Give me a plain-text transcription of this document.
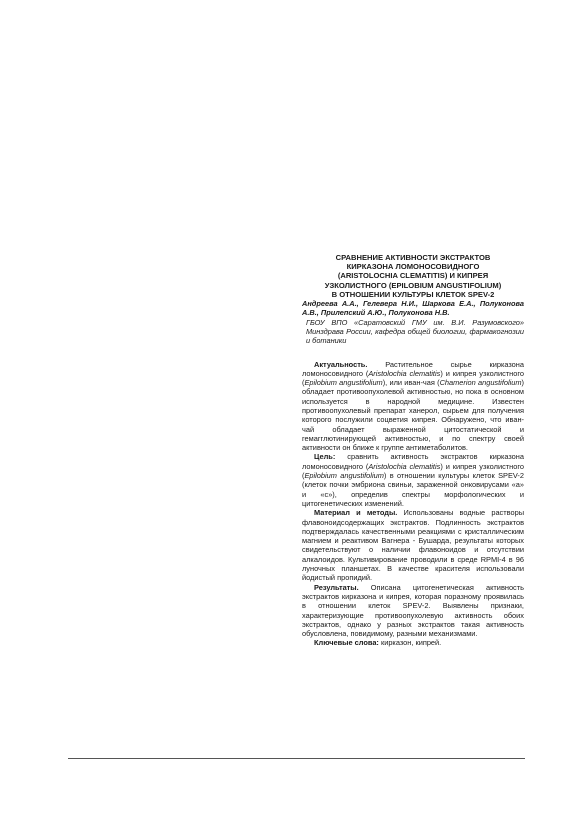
СРАВНЕНИЕ АКТИВНОСТИ ЭКСТРАКТОВ
КИРКАЗОНА ЛОМОНОСОВИДНОГО
(ARISTOLOCHIA CLEMATITIS) И КИПРЕЯ
УЗКОЛИСТНОГО (EPILOBIUM ANGUSTIFOLIUM)
В ОТНОШЕНИИ КУЛЬТУРЫ КЛЕТОК SPEV-2

Андреева А.А., Гелевера Н.И., Шаркова Е.А., Полуконова А.В., Прилепский А.Ю., Полуконова Н.В.

ГБОУ ВПО «Саратовский ГМУ им. В.И. Разумовского» Минздрава России, кафедра общей биологии, фармакогнозии и ботаники

Актуальность. Растительное сырье кирказона ломоносовидного (Aristolochia clematitis) и кипрея узколистного (Epilobium angustifolium), или иван-чая (Chamerion angustifolium) обладает противоопухолевой активностью, но пока в основном используется в народной медицине. Известен противоопухолевый препарат ханерол, сырьем для получения которого послужили соцветия кипрея. Обнаружено, что иван-чай обладает выраженной цитостатической и гемагглютинирующей активностью, и по спектру своей активности он ближе к группе антиметаболитов.

Цель: сравнить активность экстрактов кирказона ломоносовидного (Aristolochia clematitis) и кипрея узколистного (Epilobium angustifolium) в отношении культуры клеток SPEV-2 (клеток почки эмбриона свиньи, зараженной онковирусами «а» и «с»), определив спектры морфологических и цитогенетических изменений.

Материал и методы. Использованы водные растворы флавоноидсодержащих экстрактов. Подлинность экстрактов подтверждалась качественными реакциями с кристаллическим магнием и реактивом Вагнера - Бушарда, результаты которых свидетельствуют о наличии флавоноидов и отсутствии алкалоидов. Культивирование проводили в среде RPMI-4 в 96 луночных планшетах. В качестве красителя использовали йодистый пропидий.

Результаты. Описана цитогенетическая активность экстрактов кирказона и кипрея, которая поразному проявилась в отношении клеток SPEV-2. Выявлены признаки, характеризующие противоопухолевую активность обоих экстрактов, однако у разных экстрактов такая активность обусловлена, повидимому, разными механизмами.

Ключевые слова: кирказон, кипрей.
